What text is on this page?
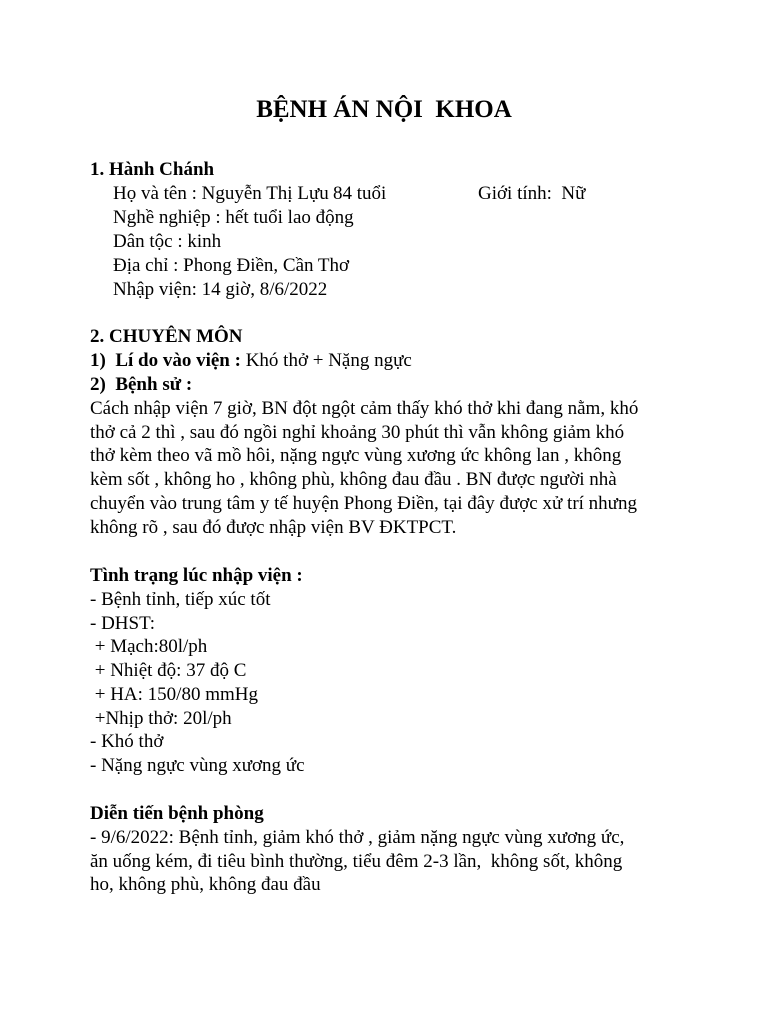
BỆNH ÁN NỘI  KHOA
1. Hành Chánh
Họ và tên : Nguyễn Thị Lựu 84 tuổi	Giới tính:  Nữ
Nghề nghiệp : hết tuổi lao động
Dân tộc : kinh
Địa chỉ : Phong Điền, Cần Thơ
Nhập viện: 14 giờ, 8/6/2022
2. CHUYÊN MÔN
1)  Lí do vào viện : Khó thở + Nặng ngực
2)  Bệnh sử :
Cách nhập viện 7 giờ, BN đột ngột cảm thấy khó thở khi đang nằm, khó
thở cả 2 thì , sau đó ngồi nghỉ khoảng 30 phút thì vẫn không giảm khó
thở kèm theo vã mồ hôi, nặng ngực vùng xương ức không lan , không
kèm sốt , không ho , không phù, không đau đầu . BN được người nhà
chuyển vào trung tâm y tế huyện Phong Điền, tại đây được xử trí nhưng
không rõ , sau đó được nhập viện BV ĐKTPCT.
Tình trạng lúc nhập viện :
- Bệnh tỉnh, tiếp xúc tốt
- DHST:
+ Mạch:80l/ph
+ Nhiệt độ: 37 độ C
+ HA: 150/80 mmHg
+Nhịp thở: 20l/ph
- Khó thở
- Nặng ngực vùng xương ức
Diễn tiến bệnh phòng
- 9/6/2022: Bệnh tỉnh, giảm khó thở , giảm nặng ngực vùng xương ức,
ăn uống kém, đi tiêu bình thường, tiểu đêm 2-3 lần,  không sốt, không
ho, không phù, không đau đầu
